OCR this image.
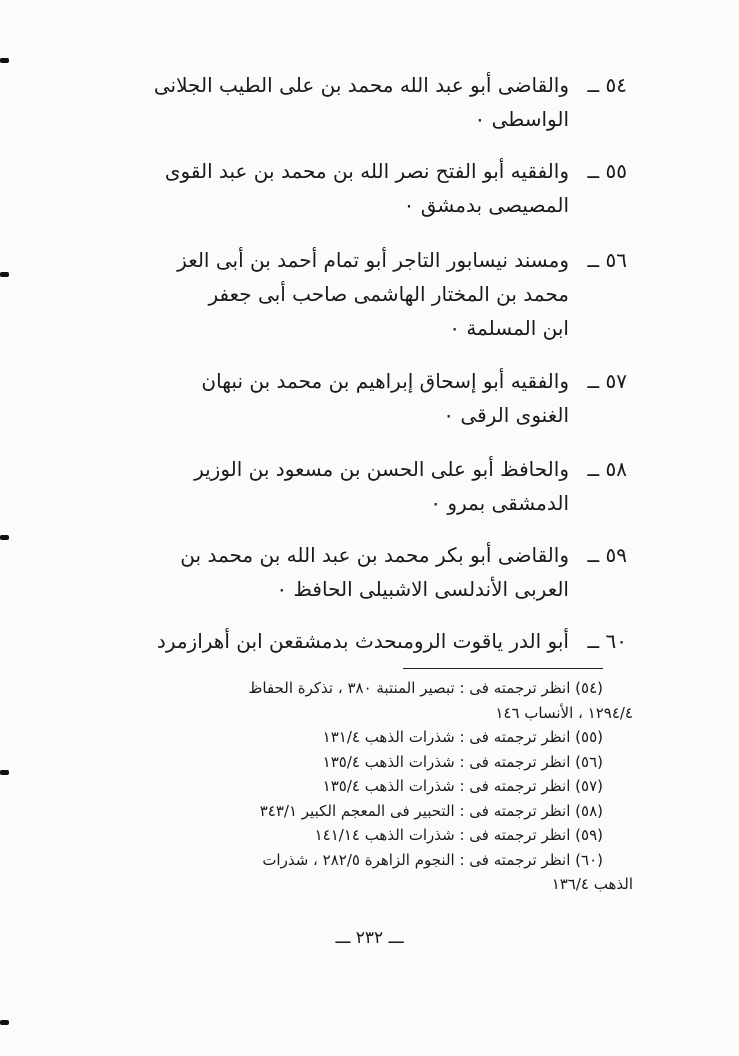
٥٤ ــ
والقاضى أبو عبد الله محمد بن على الطيب الجلانى
الواسطى ٠
٥٥ ــ
والفقيه أبو الفتح نصر الله بن محمد بن عبد القوى
المصيصى بدمشق ٠
٥٦ ــ
ومسند نيسابور التاجر أبو تمام أحمد بن أبى العز
محمد بن المختار الهاشمى صاحب أبى جعفر
ابن المسلمة ٠
٥٧ ــ
والفقيه أبو إسحاق إبراهيم بن محمد بن نبهان
الغنوى الرقى ٠
٥٨ ــ
والحافظ أبو على الحسن بن مسعود بن الوزير
الدمشقى بمرو ٠
٥٩ ــ
والقاضى أبو بكر محمد بن عبد الله بن محمد بن
العربى الأندلسى الاشبيلى الحافظ ٠
٦٠ ــ
أبو الدر ياقوت الرومىحدث بدمشقعن ابن أهرازمرد
(٥٤) انظر ترجمته فى : تبصير المنتبة ٣٨٠ ، تذكرة الحفاظ
١٢٩٤/٤ ، الأنساب ١٤٦
(٥٥) انظر ترجمته فى : شذرات الذهب ١٣١/٤
(٥٦) انظر ترجمته فى : شذرات الذهب ١٣٥/٤
(٥٧) انظر ترجمته فى : شذرات الذهب ١٣٥/٤
(٥٨) انظر ترجمته فى : التحبير فى المعجم الكبير ٣٤٣/١
(٥٩) انظر ترجمته فى : شذرات الذهب ١٤١/١٤
(٦٠) انظر ترجمته فى : النجوم الزاهرة ٢٨٢/٥ ، شذرات
الذهب ١٣٦/٤
ـــ ٢٣٢ ـــ
